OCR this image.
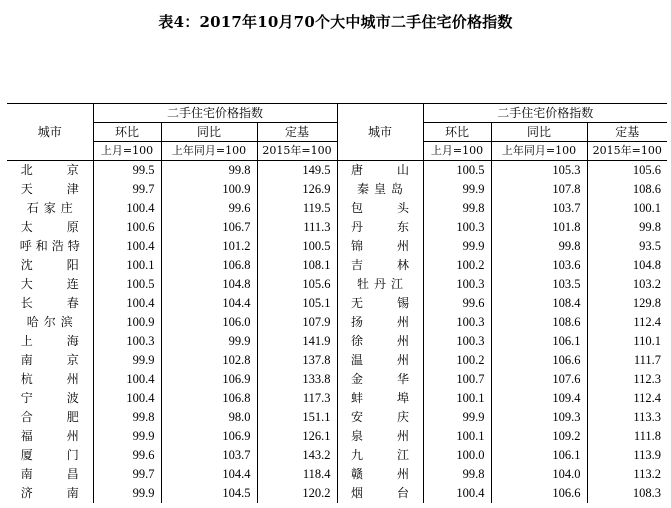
表4：2017年10月70个大中城市二手住宅价格指数
城市	二手住宅价格指数			城市	二手住宅价格指数		
	环比	同比	定基		环比	同比	定基
	上月=100	上年同月=100	2015年=100		上月=100	上年同月=100	2015年=100
北京	99.5	99.8	149.5	唐山	100.5	105.3	105.6
天津	99.7	100.9	126.9	秦皇岛	99.9	107.8	108.6
石家庄	100.4	99.6	119.5	包头	99.8	103.7	100.1
太原	100.6	106.7	111.3	丹东	100.3	101.8	99.8
呼和浩特	100.4	101.2	100.5	锦州	99.9	99.8	93.5
沈阳	100.1	106.8	108.1	吉林	100.2	103.6	104.8
大连	100.5	104.8	105.6	牡丹江	100.3	103.5	103.2
长春	100.4	104.4	105.1	无锡	99.6	108.4	129.8
哈尔滨	100.9	106.0	107.9	扬州	100.3	108.6	112.4
上海	100.3	99.9	141.9	徐州	100.3	106.1	110.1
南京	99.9	102.8	137.8	温州	100.2	106.6	111.7
杭州	100.4	106.9	133.8	金华	100.7	107.6	112.3
宁波	100.4	106.8	117.3	蚌埠	100.1	109.4	112.4
合肥	99.8	98.0	151.1	安庆	99.9	109.3	113.3
福州	99.9	106.9	126.1	泉州	100.1	109.2	111.8
厦门	99.6	103.7	143.2	九江	100.0	106.1	113.9
南昌	99.7	104.4	118.4	赣州	99.8	104.0	113.2
济南	99.9	104.5	120.2	烟台	100.4	106.6	108.3
